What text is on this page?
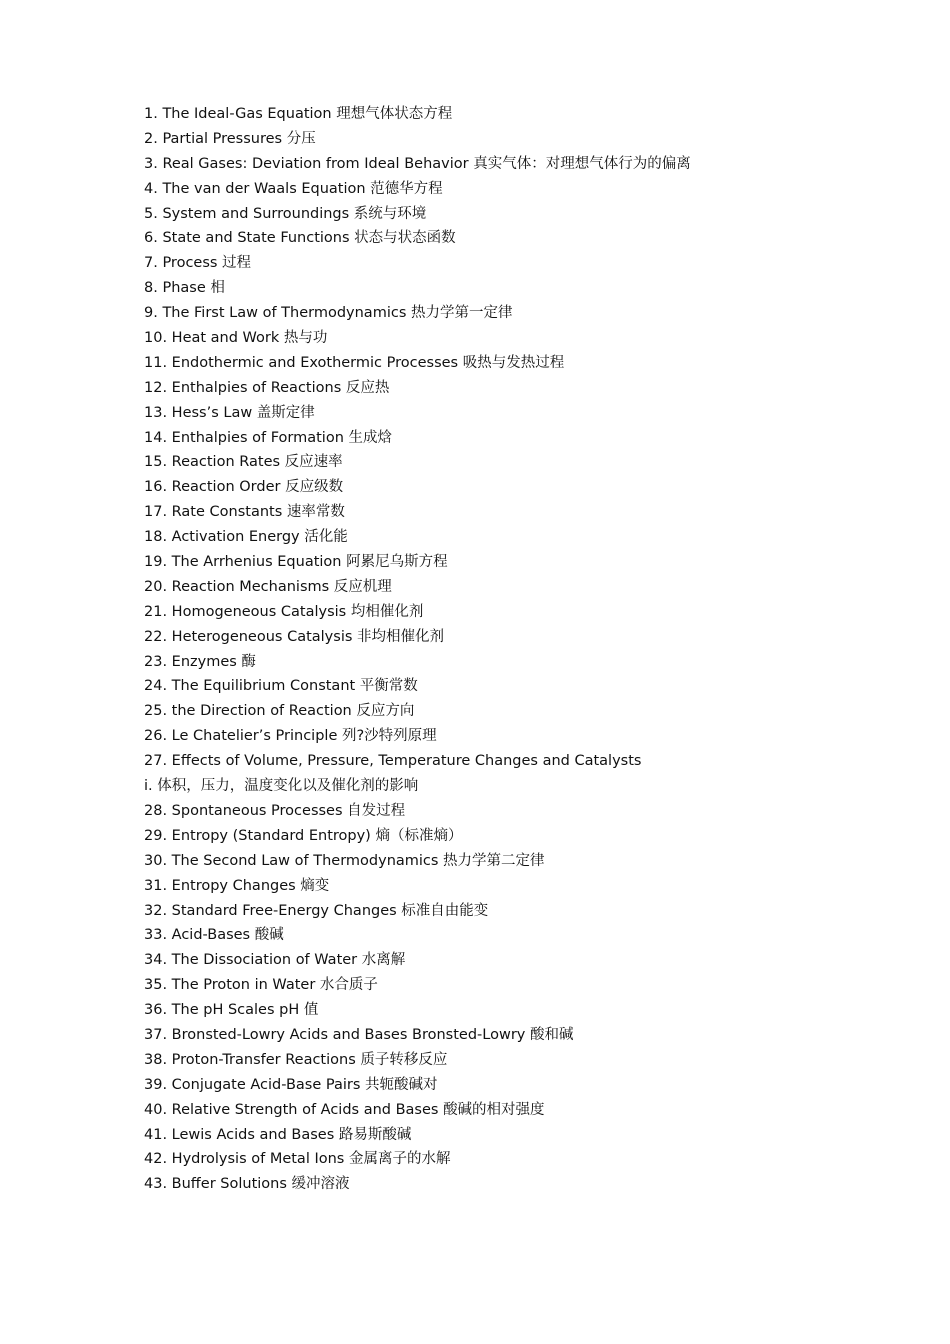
1. The Ideal-Gas Equation 理想气体状态方程
2. Partial Pressures 分压
3. Real Gases: Deviation from Ideal Behavior 真实气体：对理想气体行为的偏离
4. The van der Waals Equation 范德华方程
5. System and Surroundings 系统与环境
6. State and State Functions 状态与状态函数
7. Process 过程
8. Phase 相
9. The First Law of Thermodynamics 热力学第一定律
10. Heat and Work 热与功
11. Endothermic and Exothermic Processes 吸热与发热过程
12. Enthalpies of Reactions 反应热
13. Hess’s Law 盖斯定律
14. Enthalpies of Formation 生成焓
15. Reaction Rates 反应速率
16. Reaction Order 反应级数
17. Rate Constants 速率常数
18. Activation Energy 活化能
19. The Arrhenius Equation 阿累尼乌斯方程
20. Reaction Mechanisms 反应机理
21. Homogeneous Catalysis 均相催化剂
22. Heterogeneous Catalysis 非均相催化剂
23. Enzymes 酶
24. The Equilibrium Constant 平衡常数
25. the Direction of Reaction 反应方向
26. Le Chatelier’s Principle 列?沙特列原理
27. Effects of Volume, Pressure, Temperature Changes and Catalysts
i. 体积，压力，温度变化以及催化剂的影响
28. Spontaneous Processes 自发过程
29. Entropy (Standard Entropy) 熵（标准熵）
30. The Second Law of Thermodynamics 热力学第二定律
31. Entropy Changes 熵变
32. Standard Free-Energy Changes 标准自由能变
33. Acid-Bases 酸碱
34. The Dissociation of Water 水离解
35. The Proton in Water 水合质子
36. The pH Scales pH 值
37. Bronsted-Lowry Acids and Bases Bronsted-Lowry 酸和碱
38. Proton-Transfer Reactions 质子转移反应
39. Conjugate Acid-Base Pairs 共轭酸碱对
40. Relative Strength of Acids and Bases 酸碱的相对强度
41. Lewis Acids and Bases 路易斯酸碱
42. Hydrolysis of Metal Ions 金属离子的水解
43. Buffer Solutions 缓冲溶液
